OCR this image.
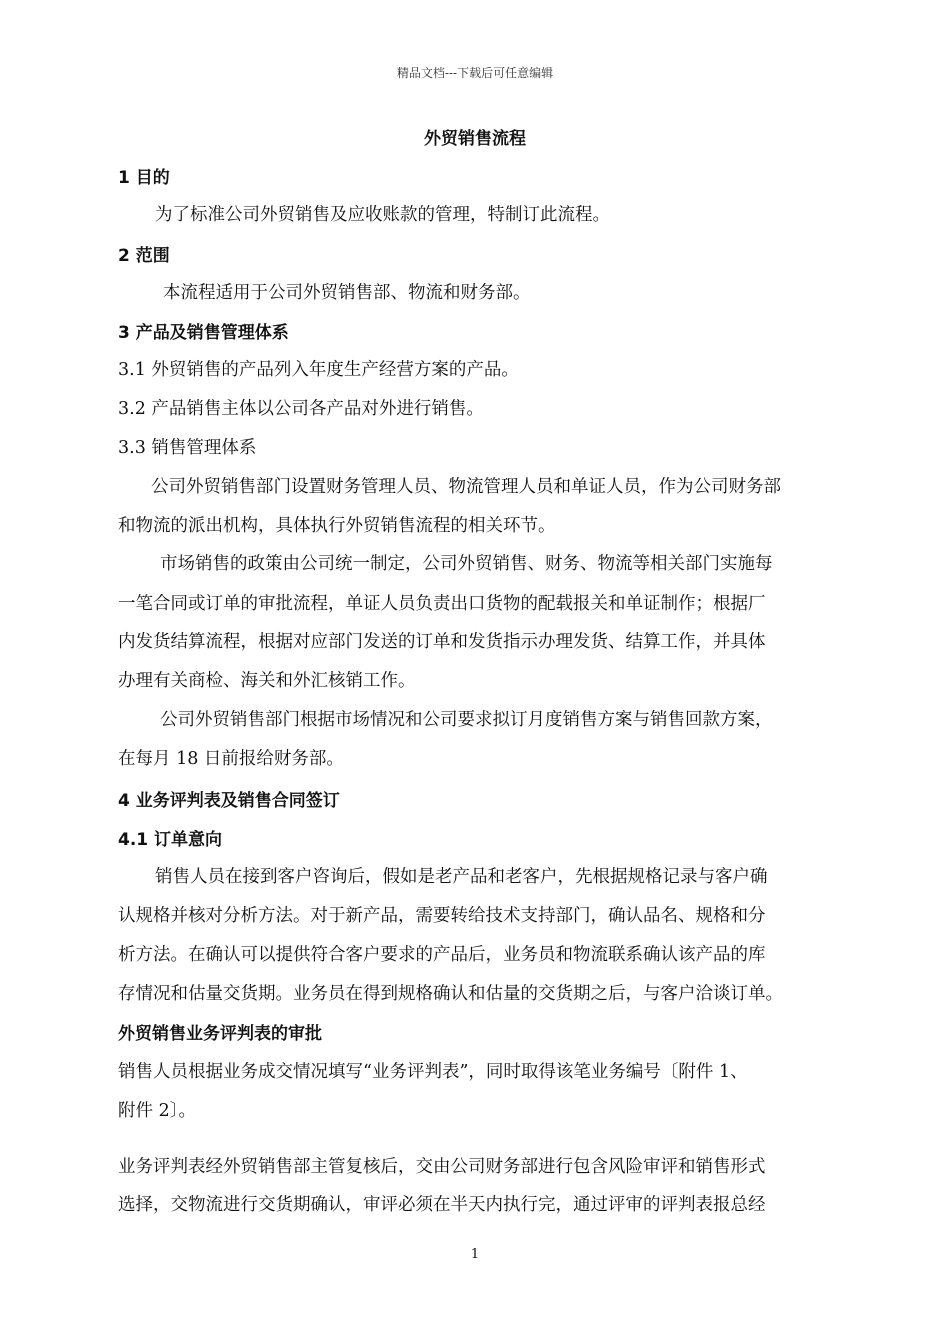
精品文档---下载后可任意编辑
外贸销售流程
1 目的
为了标准公司外贸销售及应收账款的管理，特制订此流程。
2 范围
本流程适用于公司外贸销售部、物流和财务部。
3 产品及销售管理体系
3.1 外贸销售的产品列入年度生产经营方案的产品。
3.2 产品销售主体以公司各产品对外进行销售。
3.3 销售管理体系
公司外贸销售部门设置财务管理人员、物流管理人员和单证人员，作为公司财务部
和物流的派出机构，具体执行外贸销售流程的相关环节。
市场销售的政策由公司统一制定，公司外贸销售、财务、物流等相关部门实施每
一笔合同或订单的审批流程，单证人员负责出口货物的配载报关和单证制作；根据厂
内发货结算流程，根据对应部门发送的订单和发货指示办理发货、结算工作，并具体
办理有关商检、海关和外汇核销工作。
公司外贸销售部门根据市场情况和公司要求拟订月度销售方案与销售回款方案，
在每月 18 日前报给财务部。
4 业务评判表及销售合同签订
4.1 订单意向
销售人员在接到客户咨询后，假如是老产品和老客户，先根据规格记录与客户确
认规格并核对分析方法。对于新产品，需要转给技术支持部门，确认品名、规格和分
析方法。在确认可以提供符合客户要求的产品后，业务员和物流联系确认该产品的库
存情况和估量交货期。业务员在得到规格确认和估量的交货期之后，与客户洽谈订单。
外贸销售业务评判表的审批
销售人员根据业务成交情况填写“业务评判表”，同时取得该笔业务编号〔附件 1、
附件 2〕。
业务评判表经外贸销售部主管复核后，交由公司财务部进行包含风险审评和销售形式
选择，交物流进行交货期确认，审评必须在半天内执行完，通过评审的评判表报总经
1
